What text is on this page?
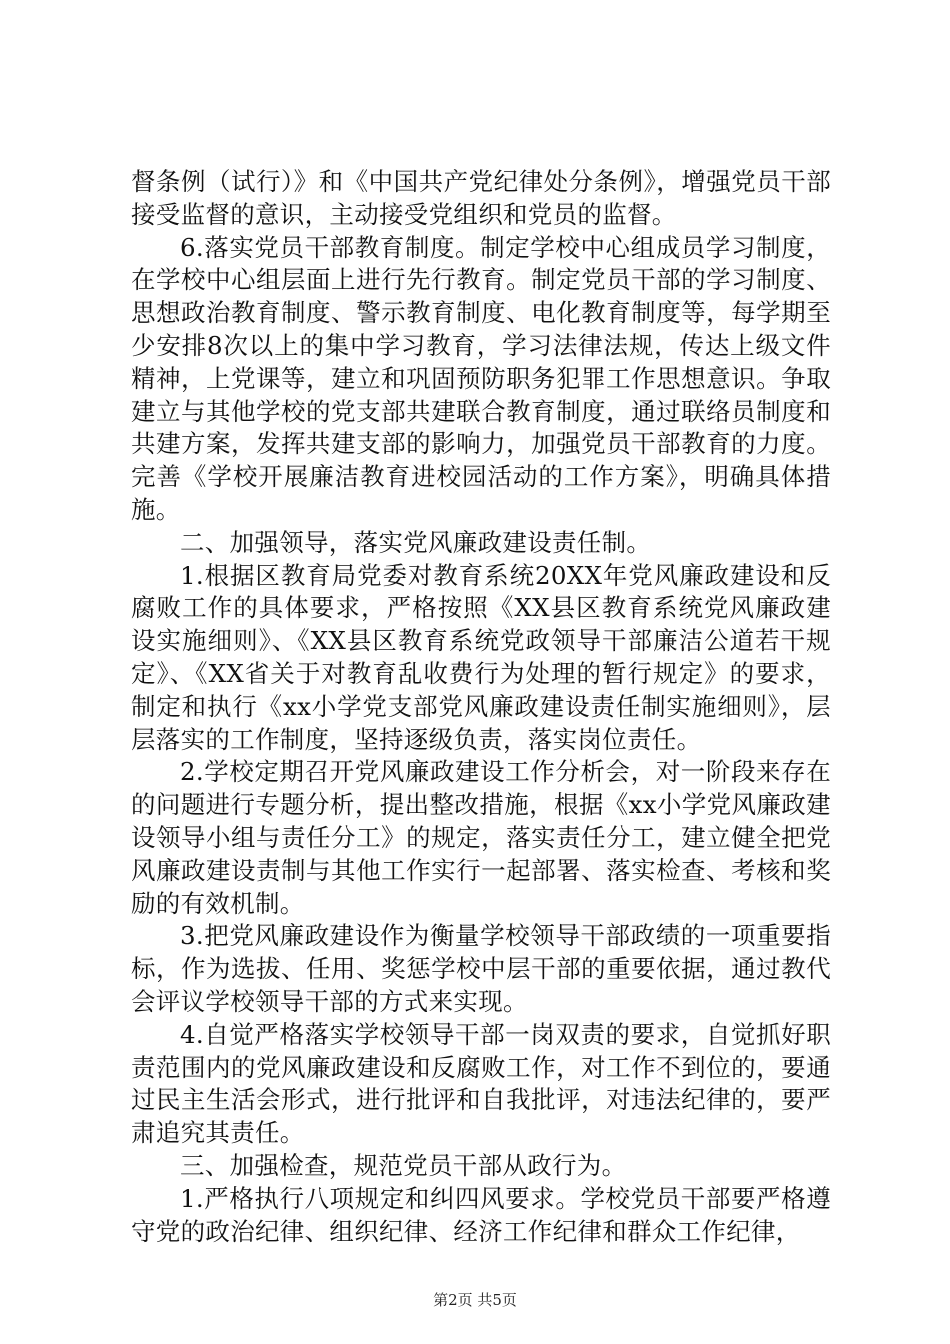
督条例（试行）》和《中国共产党纪律处分条例》，增强党员干部接受监督的意识，主动接受党组织和党员的监督。

6.落实党员干部教育制度。制定学校中心组成员学习制度，在学校中心组层面上进行先行教育。制定党员干部的学习制度、思想政治教育制度、警示教育制度、电化教育制度等，每学期至少安排8次以上的集中学习教育，学习法律法规，传达上级文件精神，上党课等，建立和巩固预防职务犯罪工作思想意识。争取建立与其他学校的党支部共建联合教育制度，通过联络员制度和共建方案，发挥共建支部的影响力，加强党员干部教育的力度。完善《学校开展廉洁教育进校园活动的工作方案》，明确具体措施。

二、加强领导，落实党风廉政建设责任制。

1.根据区教育局党委对教育系统20XX年党风廉政建设和反腐败工作的具体要求，严格按照《XX县区教育系统党风廉政建设实施细则》、《XX县区教育系统党政领导干部廉洁公道若干规定》、《XX省关于对教育乱收费行为处理的暂行规定》的要求，制定和执行《xx小学党支部党风廉政建设责任制实施细则》，层层落实的工作制度，坚持逐级负责，落实岗位责任。

2.学校定期召开党风廉政建设工作分析会，对一阶段来存在的问题进行专题分析，提出整改措施，根据《xx小学党风廉政建设领导小组与责任分工》的规定，落实责任分工，建立健全把党风廉政建设责制与其他工作实行一起部署、落实检查、考核和奖励的有效机制。

3.把党风廉政建设作为衡量学校领导干部政绩的一项重要指标，作为选拔、任用、奖惩学校中层干部的重要依据，通过教代会评议学校领导干部的方式来实现。

4.自觉严格落实学校领导干部一岗双责的要求，自觉抓好职责范围内的党风廉政建设和反腐败工作，对工作不到位的，要通过民主生活会形式，进行批评和自我批评，对违法纪律的，要严肃追究其责任。

三、加强检查，规范党员干部从政行为。

1.严格执行八项规定和纠四风要求。学校党员干部要严格遵守党的政治纪律、组织纪律、经济工作纪律和群众工作纪律，

第2页 共5页
